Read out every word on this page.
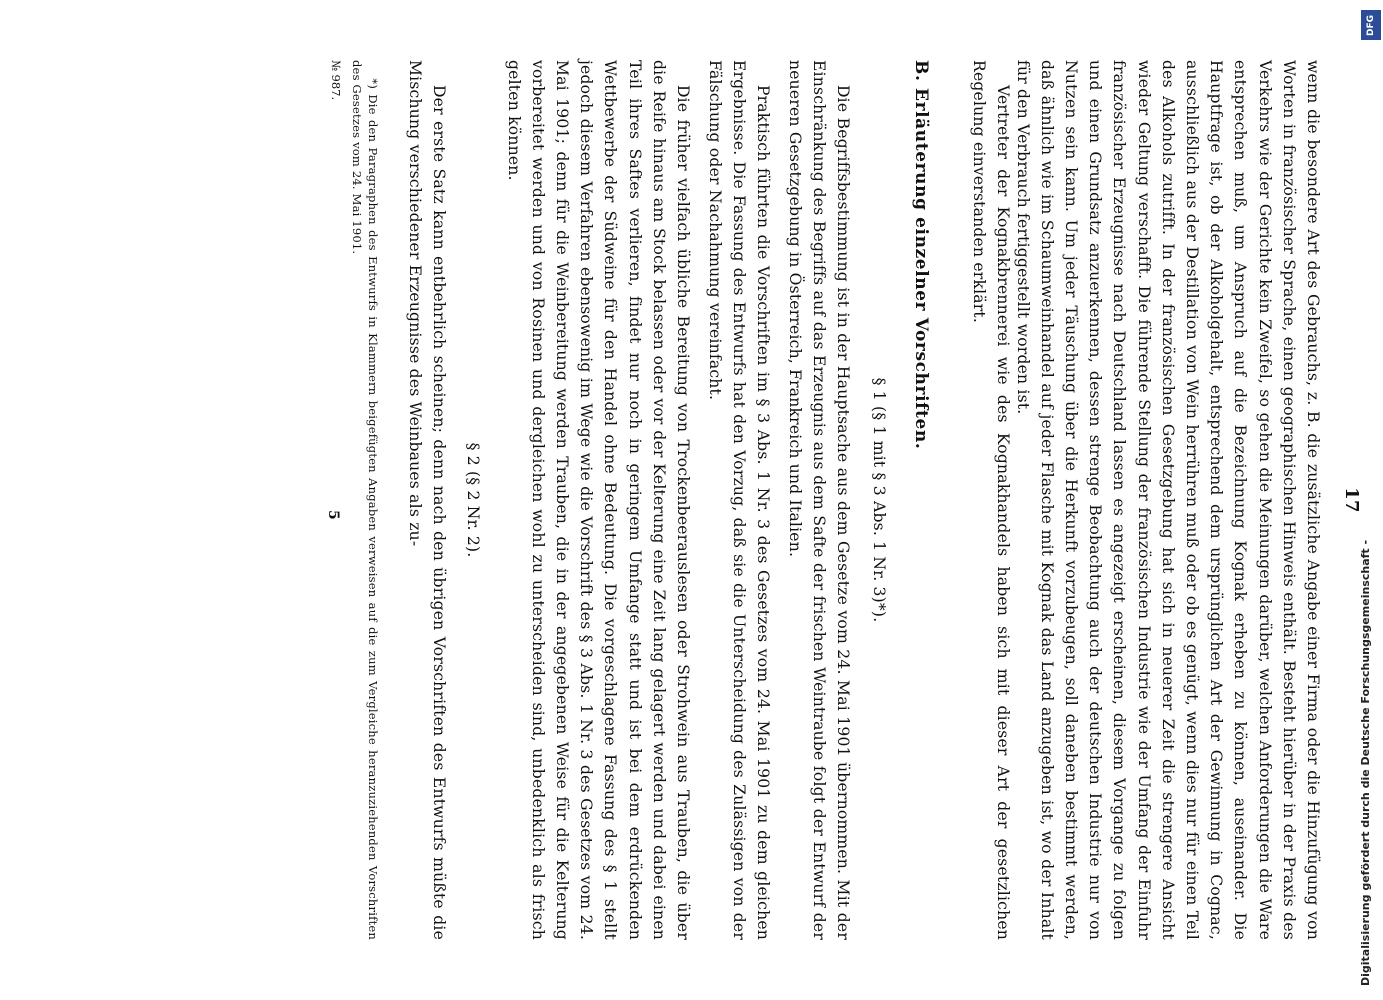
17

wenn die besondere Art des Gebrauchs, z. B. die zusätzliche Angabe einer Firma oder die Hinzufügung von Worten in französischer Sprache, einen geographischen Hinweis enthält. Besteht hierüber in der Praxis des Verkehrs wie der Gerichte kein Zweifel, so gehen die Meinungen darüber, welchen Anforderungen die Ware entsprechen muß, um Anspruch auf die Bezeichnung Kognak erheben zu können, auseinander. Die Hauptfrage ist, ob der Alkoholgehalt, entsprechend dem ursprünglichen Art der Gewinnung in Cognac, ausschließlich aus der Destillation von Wein herrühren muß oder ob es genügt, wenn dies nur für einen Teil des Alkohols zutrifft. In der französischen Gesetzgebung hat sich in neuerer Zeit die strengere Ansicht wieder Geltung verschafft. Die führende Stellung der französischen Industrie wie der Umfang der Einfuhr französischer Erzeugnisse nach Deutschland lassen es angezeigt erscheinen, diesem Vorgange zu folgen und einen Grundsatz anzuerkennen, dessen strenge Beobachtung auch der deutschen Industrie nur von Nutzen sein kann. Um jeder Täuschung über die Herkunft vorzubeugen, soll daneben bestimmt werden, daß ähnlich wie im Schaumweinhandel auf jeder Flasche mit Kognak das Land anzugeben ist, wo der Inhalt für den Verbrauch fertiggestellt worden ist.

Vertreter der Kognakbrennerei wie des Kognakhandels haben sich mit dieser Art der gesetzlichen Regelung einverstanden erklärt.

B. Erläuterung einzelner Vorschriften.
§ 1 (§ 1 mit § 3 Abs. 1 Nr. 3)*).

Die Begriffsbestimmung ist in der Hauptsache aus dem Gesetze vom 24. Mai 1901 übernommen. Mit der Einschränkung des Begriffs auf das Erzeugnis aus dem Safte der frischen Weintraube folgt der Entwurf der neueren Gesetzgebung in Österreich, Frankreich und Italien.

Praktisch führten die Vorschriften im § 3 Abs. 1 Nr. 3 des Gesetzes vom 24. Mai 1901 zu dem gleichen Ergebnisse. Die Fassung des Entwurfs hat den Vorzug, daß sie die Unterscheidung des Zulässigen von der Fälschung oder Nachahmung vereinfacht.

Die früher vielfach übliche Bereitung von Trockenbeerauslesen oder Strohwein aus Trauben, die über die Reife hinaus am Stock belassen oder vor der Kelterung eine Zeit lang gelagert werden und dabei einen Teil ihres Saftes verlieren, findet nur noch in geringem Umfange statt und ist bei dem erdrückenden Wettbewerbe der Südweine für den Handel ohne Bedeutung. Die vorgeschlagene Fassung des § 1 stellt jedoch diesem Verfahren ebensowenig im Wege wie die Vorschrift des § 3 Abs. 1 Nr. 3 des Gesetzes vom 24. Mai 1901; denn für die Weinbereitung werden Trauben, die in der angegebenen Weise für die Kelterung vorbereitet werden und von Rosinen und dergleichen wohl zu unterscheiden sind, unbedenklich als frisch gelten können.

§ 2 (§ 2 Nr. 2).

Der erste Satz kann entbehrlich scheinen; denn nach den übrigen Vorschriften des Entwurfs müßte die Mischung verschiedener Erzeugnisse des Weinbaues als zu-

*) Die den Paragraphen des Entwurfs in Klammern beigefügten Angaben verweisen auf die zum Vergleiche heranzuziehenden Vorschriften des Gesetzes vom 24. Mai 1901.

№ 987.
5
DFG
Digitalisierung gefördert durch die Deutsche Forschungsgemeinschaft -
